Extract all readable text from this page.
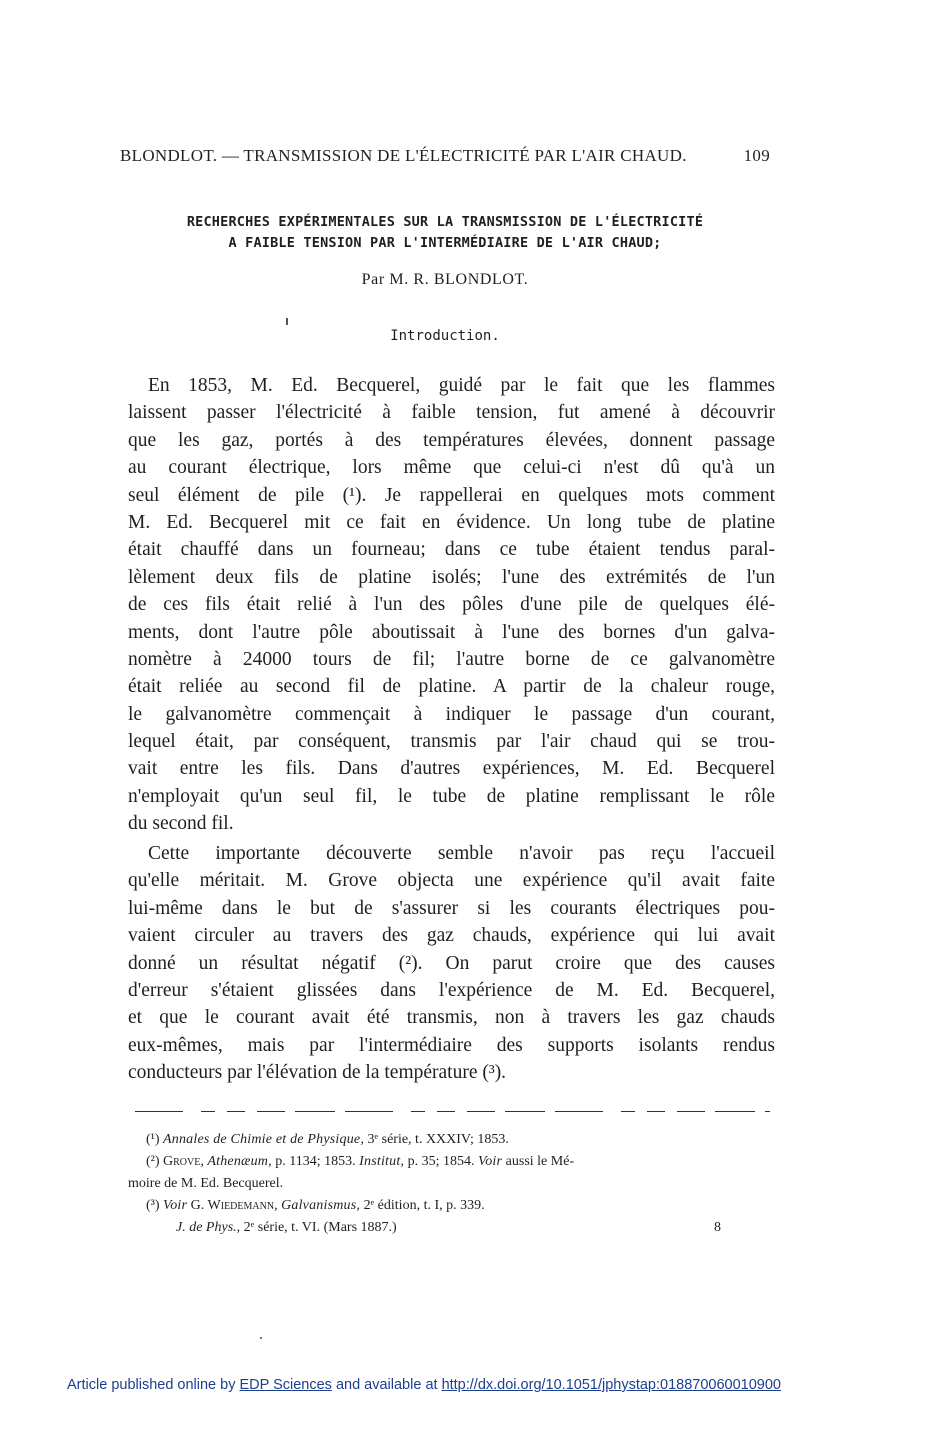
BLONDLOT. — TRANSMISSION DE L'ÉLECTRICITÉ PAR L'AIR CHAUD.	109
RECHERCHES EXPÉRIMENTALES SUR LA TRANSMISSION DE L'ÉLECTRICITÉ
A FAIBLE TENSION PAR L'INTERMÉDIAIRE DE L'AIR CHAUD;
Par M. R. BLONDLOT.
Introduction.
En 1853, M. Ed. Becquerel, guidé par le fait que les flammes
laissent passer l'électricité à faible tension, fut amené à découvrir
que les gaz, portés à des températures élevées, donnent passage
au courant électrique, lors même que celui-ci n'est dû qu'à un
seul élément de pile (¹). Je rappellerai en quelques mots comment
M. Ed. Becquerel mit ce fait en évidence. Un long tube de platine
était chauffé dans un fourneau; dans ce tube étaient tendus paral-
lèlement deux fils de platine isolés; l'une des extrémités de l'un
de ces fils était relié à l'un des pôles d'une pile de quelques élé-
ments, dont l'autre pôle aboutissait à l'une des bornes d'un galva-
nomètre à 24000 tours de fil; l'autre borne de ce galvanomètre
était reliée au second fil de platine. A partir de la chaleur rouge,
le galvanomètre commençait à indiquer le passage d'un courant,
lequel était, par conséquent, transmis par l'air chaud qui se trou-
vait entre les fils. Dans d'autres expériences, M. Ed. Becquerel
n'employait qu'un seul fil, le tube de platine remplissant le rôle
du second fil.
Cette importante découverte semble n'avoir pas reçu l'accueil
qu'elle méritait. M. Grove objecta une expérience qu'il avait faite
lui-même dans le but de s'assurer si les courants électriques pou-
vaient circuler au travers des gaz chauds, expérience qui lui avait
donné un résultat négatif (²). On parut croire que des causes
d'erreur s'étaient glissées dans l'expérience de M. Ed. Becquerel,
et que le courant avait été transmis, non à travers les gaz chauds
eux-mêmes, mais par l'intermédiaire des supports isolants rendus
conducteurs par l'élévation de la température (³).
(¹) Annales de Chimie et de Physique, 3ᵉ série, t. XXXIV; 1853.
(²) Grove, Athenæum, p. 1134; 1853. Institut, p. 35; 1854. Voir aussi le Mé-
moire de M. Ed. Becquerel.
(³) Voir G. Wiedemann, Galvanismus, 2ᵉ édition, t. I, p. 339.
J. de Phys., 2ᵉ série, t. VI. (Mars 1887.)	8
Article published online by EDP Sciences and available at http://dx.doi.org/10.1051/jphystap:018870060010900
